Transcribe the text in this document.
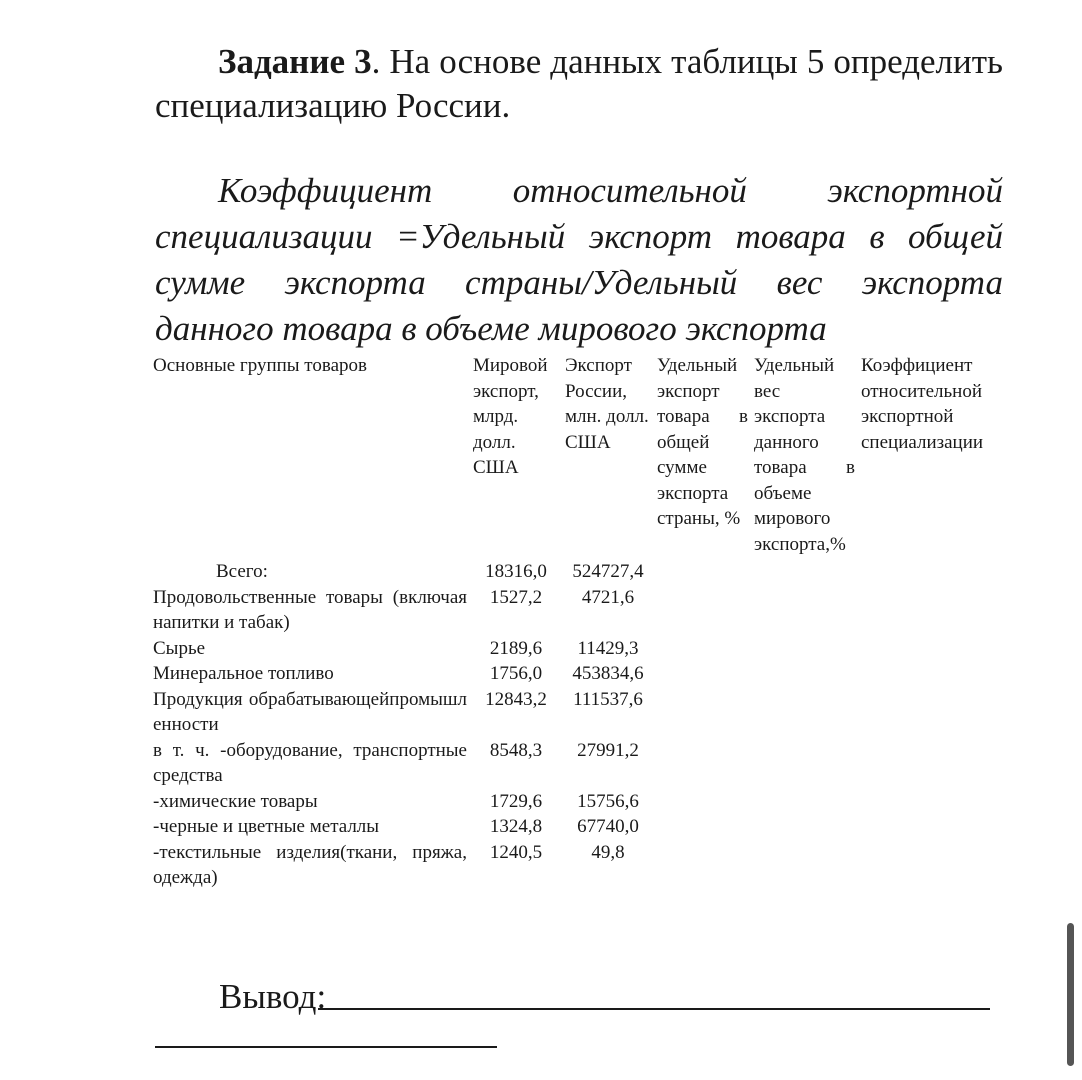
Задание 3. На основе данных таблицы 5 определить специализацию России.
Коэффициент относительной экспортной специализации =Удельный экспорт товара в общей сумме экспорта страны/Удельный вес экспорта данного товара в объеме мирового экспорта
Основные группы товаров	Мировой экспорт, млрд. долл. США	Экспорт России, млн. долл. США	Удельный экспорт товара в общей сумме экспорта страны, %	Удельный вес экспорта данного товара в объеме мирового экспорта,%	Коэффициент относительной экспортной специализации
Всего:	18316,0	524727,4			
Продовольственные товары (включая напитки и табак)	1527,2	4721,6			
Сырье	2189,6	11429,3			
Минеральное топливо	1756,0	453834,6			
Продукция обрабатывающейпромышленности	12843,2	111537,6			
в т. ч. -оборудование, транспортные средства	8548,3	27991,2			
-химические товары	1729,6	15756,6			
-черные и цветные металлы	1324,8	67740,0			
-текстильные изделия(ткани, пряжа, одежда)	1240,5	49,8			
Вывод:
